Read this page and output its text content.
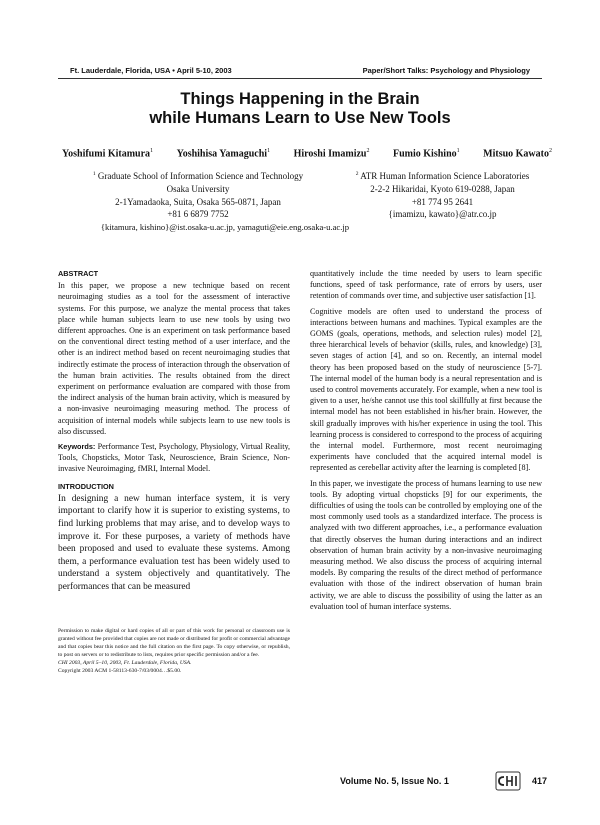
Ft. Lauderdale, Florida, USA • April 5-10, 2003	Paper/Short Talks: Psychology and Physiology
Things Happening in the Brain
while Humans Learn to Use New Tools
Yoshifumi Kitamura$^1$ Yoshihisa Yamaguchi$^1$ Hiroshi Imamizu$^2$ Fumio Kishino$^1$ Mitsuo Kawato$^2$
$^1$ Graduate School of Information Science and Technology
Osaka University
2-1Yamadaoka, Suita, Osaka 565-0871, Japan
+81 6 6879 7752
$^2$ ATR Human Information Science Laboratories
2-2-2 Hikaridai, Kyoto 619-0288, Japan
+81 774 95 2641
{imamizu, kawato}@atr.co.jp
{kitamura, kishino}@ist.osaka-u.ac.jp, yamaguti@eie.eng.osaka-u.ac.jp
ABSTRACT

In this paper, we propose a new technique based on recent neuroimaging studies as a tool for the assessment of interactive systems. For this purpose, we analyze the mental process that takes place while human subjects learn to use new tools by using two different approaches. One is an experiment on task performance based on the conventional direct testing method of a user interface, and the other is an indirect method based on recent neuroimaging studies that indirectly estimate the process of interaction through the observation of the human brain activities. The results obtained from the direct experiment on performance evaluation are compared with those from the indirect analysis of the human brain activity, which is measured by a non-invasive neuroimaging measuring method. The process of acquisition of internal models while subjects learn to use new tools is also discussed.

Keywords: Performance Test, Psychology, Physiology, Virtual Reality, Tools, Chopsticks, Motor Task, Neuroscience, Brain Science, Non-invasive Neuroimaging, fMRI, Internal Model.

INTRODUCTION

In designing a new human interface system, it is very important to clarify how it is superior to existing systems, to find lurking problems that may arise, and to develop ways to improve it. For these purposes, a variety of methods have been proposed and used to evaluate these systems. Among them, a performance evaluation test has been widely used to understand a system objectively and quantitatively. The performances that can be measured

Permission to make digital or hard copies of all or part of this work for personal or classroom use is granted without fee provided that copies are not made or distributed for profit or commercial advantage and that copies bear this notice and the full citation on the first page. To copy otherwise, or republish, to post on servers or to redistribute to lists, requires prior specific permission and/or a fee.

CHI 2003, April 5–10, 2003, Ft. Lauderdale, Florida, USA.

Copyright 2003 ACM 1-58113-630-7/03/0004…$5.00.

quantitatively include the time needed by users to learn specific functions, speed of task performance, rate of errors by users, user retention of commands over time, and subjective user satisfaction [1].

Cognitive models are often used to understand the process of interactions between humans and machines. Typical examples are the GOMS (goals, operations, methods, and selection rules) model [2], three hierarchical levels of behavior (skills, rules, and knowledge) [3], seven stages of action [4], and so on. Recently, an internal model theory has been proposed based on the study of neuroscience [5-7]. The internal model of the human body is a neural representation and is used to control movements accurately. For example, when a new tool is given to a user, he/she cannot use this tool skillfully at first because the internal model has not been established in his/her brain. However, the skill gradually improves with his/her experience in using the tool. This learning process is considered to correspond to the process of acquiring the internal model. Furthermore, most recent neuroimaging experiments have concluded that the acquired internal model is represented as cerebellar activity after the learning is completed [8].

In this paper, we investigate the process of humans learning to use new tools. By adopting virtual chopsticks [9] for our experiments, the difficulties of using the tools can be controlled by employing one of the most commonly used tools as a standardized interface. The process is analyzed with two different approaches, i.e., a performance evaluation that directly observes the human during interactions and an indirect observation of human brain activity by a non-invasive neuroimaging measuring method. We also discuss the process of acquiring internal models. By comparing the results of the direct method of performance evaluation with those of the indirect observation of human brain activity, we are able to discuss the possibility of using the latter as an evaluation tool of human interface systems.

Volume No. 5, Issue No. 1	417
